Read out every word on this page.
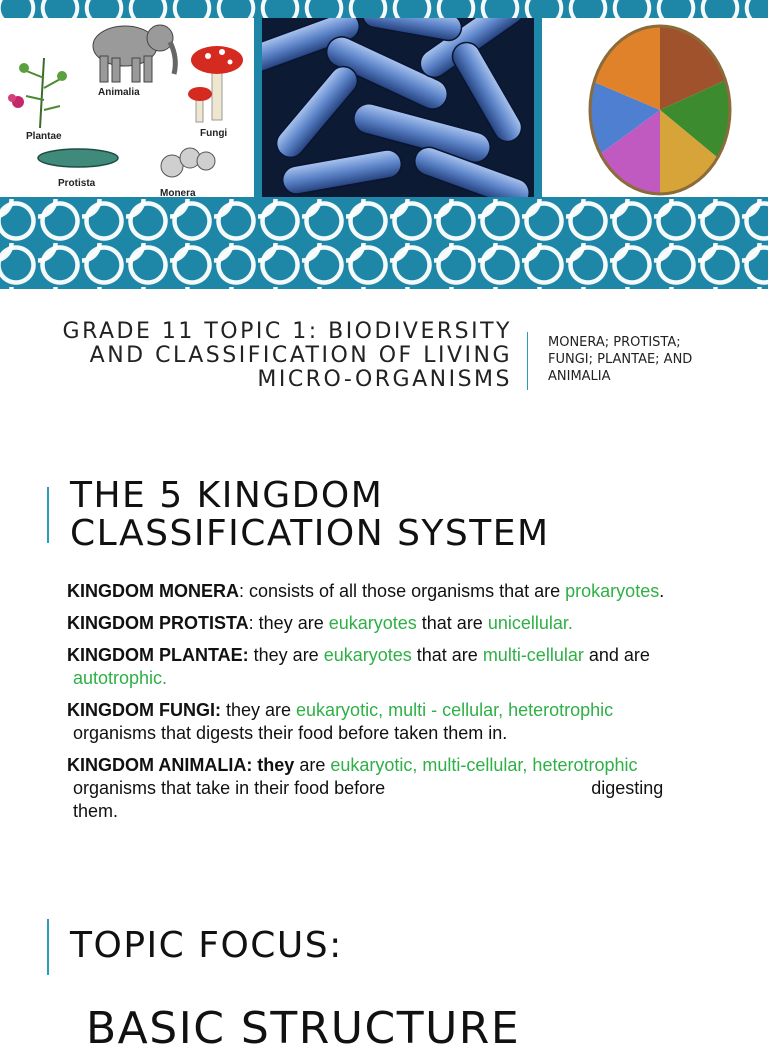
Animalia
Plantae	Fungi
Protista
Monera
GRADE 11 TOPIC 1: BIODIVERSITY
AND CLASSIFICATION OF LIVING
MICRO-ORGANISMS
MONERA; PROTISTA;
FUNGI; PLANTAE; AND
ANIMALIA
THE 5 KINGDOM
CLASSIFICATION SYSTEM

KINGDOM MONERA: consists of all those organisms that are prokaryotes.

KINGDOM PROTISTA: they are eukaryotes that are unicellular.

KINGDOM PLANTAE: they are eukaryotes that are multi-cellular and are
autotrophic.

KINGDOM FUNGI: they are eukaryotic, multi - cellular, heterotrophic
organisms that digests their food before taken them in.

KINGDOM ANIMALIA: they are eukaryotic, multi-cellular, heterotrophic
organisms that take in their food before	digesting
them.

TOPIC FOCUS:
BASIC STRUCTURE
